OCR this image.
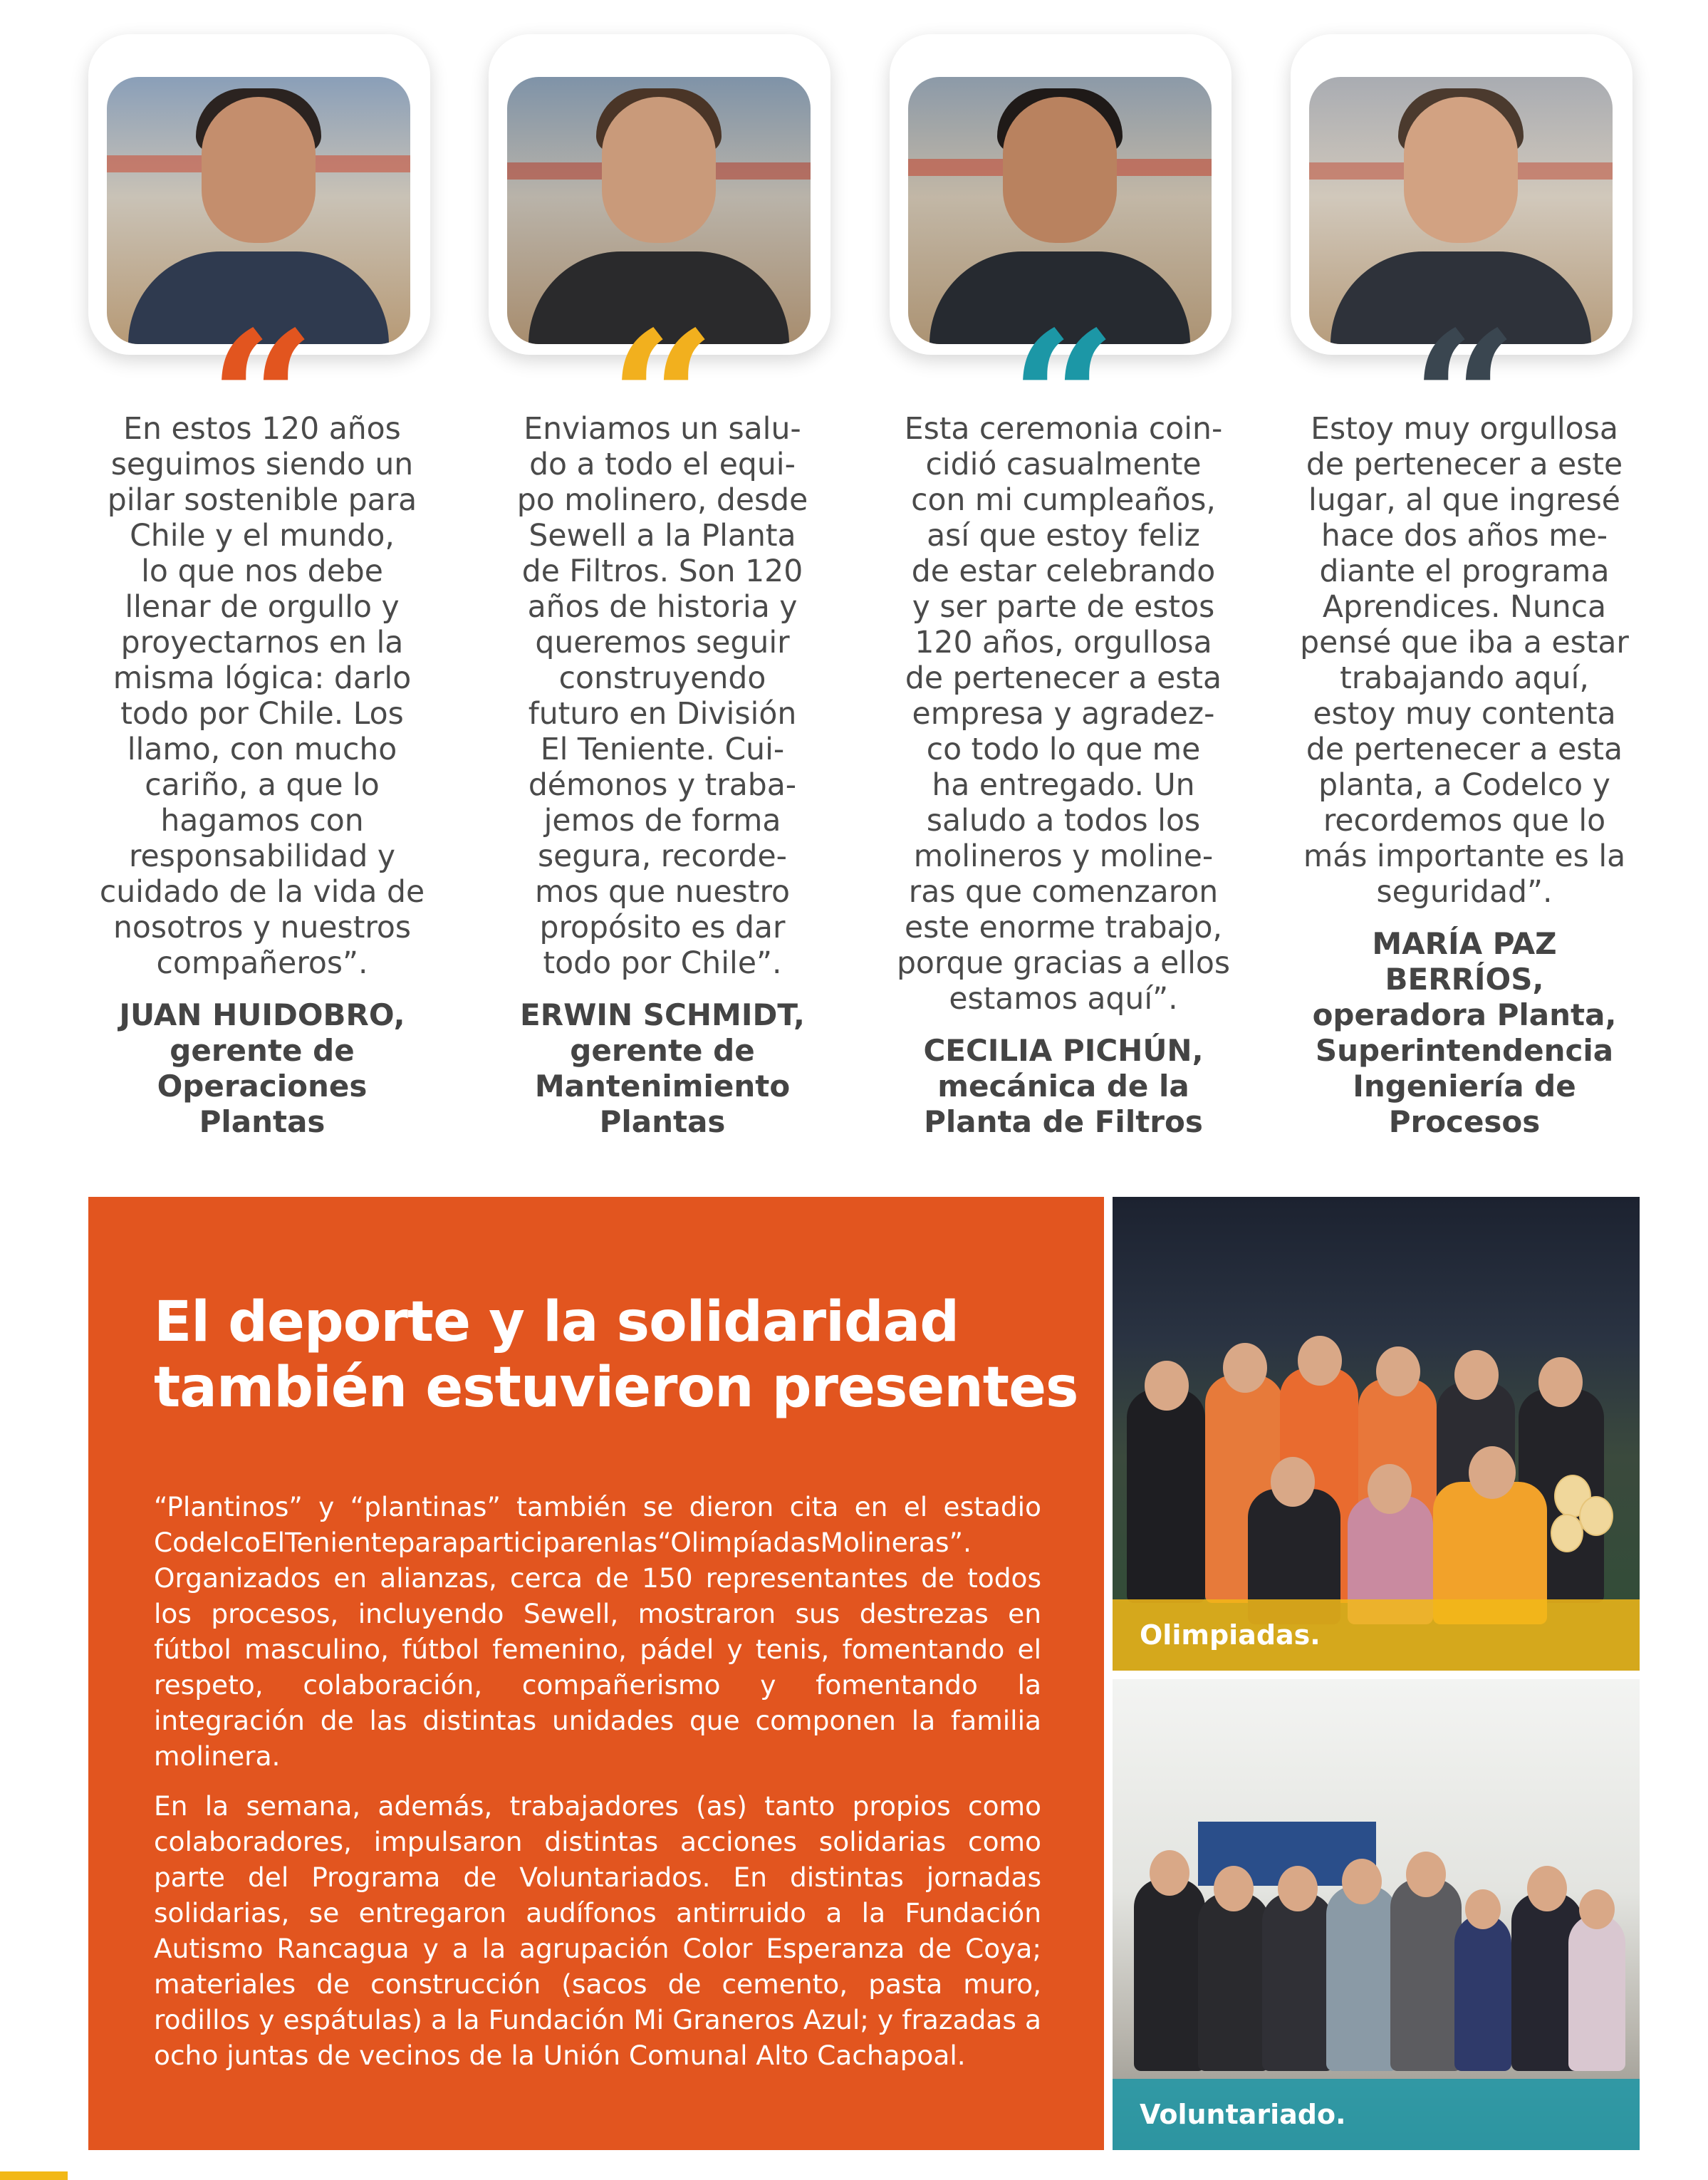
En estos 120 años
seguimos siendo un
pilar sostenible para
Chile y el mundo,
lo que nos debe
llenar de orgullo y
proyectarnos en la
misma lógica: darlo
todo por Chile. Los
llamo, con mucho
cariño, a que lo
hagamos con
responsabilidad y
cuidado de la vida de
nosotros y nuestros
compañeros”.
JUAN HUIDOBRO,
gerente de
Operaciones
Plantas
Enviamos un salu-
do a todo el equi-
po molinero, desde
Sewell a la Planta
de Filtros. Son 120
años de historia y
queremos seguir
construyendo
futuro en División
El Teniente. Cui-
démonos y traba-
jemos de forma
segura, recorde-
mos que nuestro
propósito es dar
todo por Chile”.
ERWIN SCHMIDT,
gerente de
Mantenimiento
Plantas
Esta ceremonia coin-
cidió casualmente
con mi cumpleaños,
así que estoy feliz
de estar celebrando
y ser parte de estos
120 años, orgullosa
de pertenecer a esta
empresa y agradez-
co todo lo que me
ha entregado. Un
saludo a todos los
molineros y moline-
ras que comenzaron
este enorme trabajo,
porque gracias a ellos
estamos aquí”.
CECILIA PICHÚN,
mecánica de la
Planta de Filtros
Estoy muy orgullosa
de pertenecer a este
lugar, al que ingresé
hace dos años me-
diante el programa
Aprendices. Nunca
pensé que iba a estar
trabajando aquí,
estoy muy contenta
de pertenecer a esta
planta, a Codelco y
recordemos que lo
más importante es la
seguridad”.
MARÍA PAZ
BERRÍOS,
operadora Planta,
Superintendencia
Ingeniería de
Procesos
El deporte y la solidaridad
también estuvieron presentes

“Plantinos” y “plantinas” también se dieron cita en el estadio CodelcoElTenienteparaparticiparenlas“OlimpíadasMolineras”. Organizados en alianzas, cerca de 150 representantes de todos los procesos, incluyendo Sewell, mostraron sus destrezas en fútbol masculino, fútbol femenino, pádel y tenis, fomentando el respeto, colaboración, compañerismo y fomentando la integración de las distintas unidades que componen la familia molinera.

En la semana, además, trabajadores (as) tanto propios como colaboradores, impulsaron distintas acciones solidarias como parte del Programa de Voluntariados. En distintas jornadas solidarias, se entregaron audífonos antirruido a la Fundación Autismo Rancagua y a la agrupación Color Esperanza de Coya; materiales de construcción (sacos de cemento, pasta muro, rodillos y espátulas) a la Fundación Mi Graneros Azul; y frazadas a ocho juntas de vecinos de la Unión Comunal Alto Cachapoal.

Olimpiadas.
Voluntariado.
